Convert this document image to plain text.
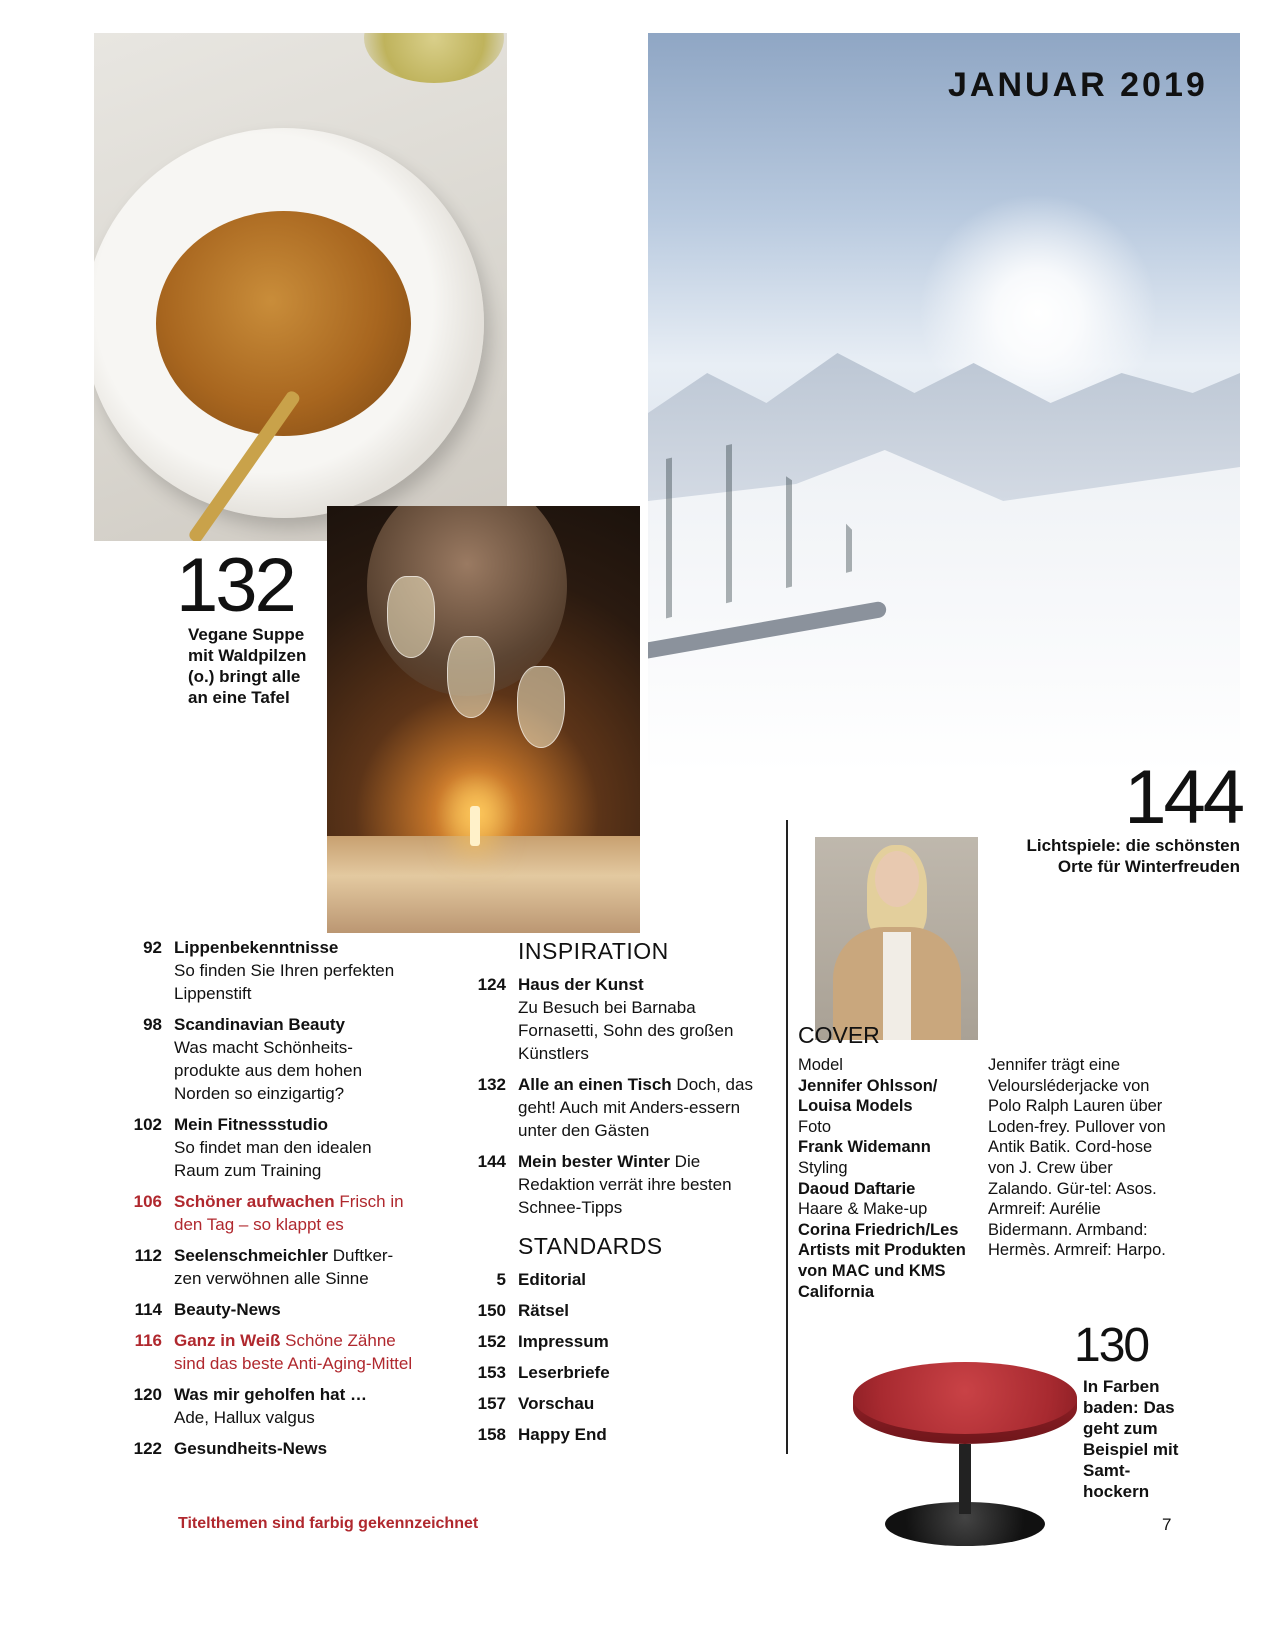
JANUAR 2019
132
Vegane Suppe mit Waldpilzen (o.) bringt alle an eine Tafel
144
Lichtspiele: die schönsten Orte für Winterfreuden
130
In Farben baden: Das geht zum Beispiel mit Samt-hockern
92 Lippenbekenntnisse
So finden Sie Ihren perfekten Lippenstift
98 Scandinavian Beauty
Was macht Schönheits-produkte aus dem hohen Norden so einzigartig?
102 Mein Fitnessstudio
So findet man den idealen Raum zum Training
106 Schöner aufwachen Frisch in den Tag – so klappt es
112 Seelenschmeichler Duftker-zen verwöhnen alle Sinne
114 Beauty-News
116 Ganz in Weiß Schöne Zähne sind das beste Anti-Aging-Mittel
120 Was mir geholfen hat …
Ade, Hallux valgus
122 Gesundheits-News
INSPIRATION
124 Haus der Kunst
Zu Besuch bei Barnaba Fornasetti, Sohn des großen Künstlers
132 Alle an einen Tisch Doch, das geht! Auch mit Anders-essern unter den Gästen
144 Mein bester Winter Die Redaktion verrät ihre besten Schnee-Tipps
STANDARDS
5 Editorial
150 Rätsel
152 Impressum
153 Leserbriefe
157 Vorschau
158 Happy End
COVER
Model
Jennifer Ohlsson/ Louisa Models
Foto
Frank Widemann
Styling
Daoud Daftarie
Haare & Make-up
Corina Friedrich/Les Artists mit Produkten von MAC und KMS California
Jennifer trägt eine Veloursléderjacke von Polo Ralph Lauren über Loden-frey. Pullover von Antik Batik. Cord-hose von J. Crew über Zalando. Gür-tel: Asos. Armreif: Aurélie Bidermann. Armband: Hermès. Armreif: Harpo.
Titelthemen sind farbig gekennzeichnet	7
